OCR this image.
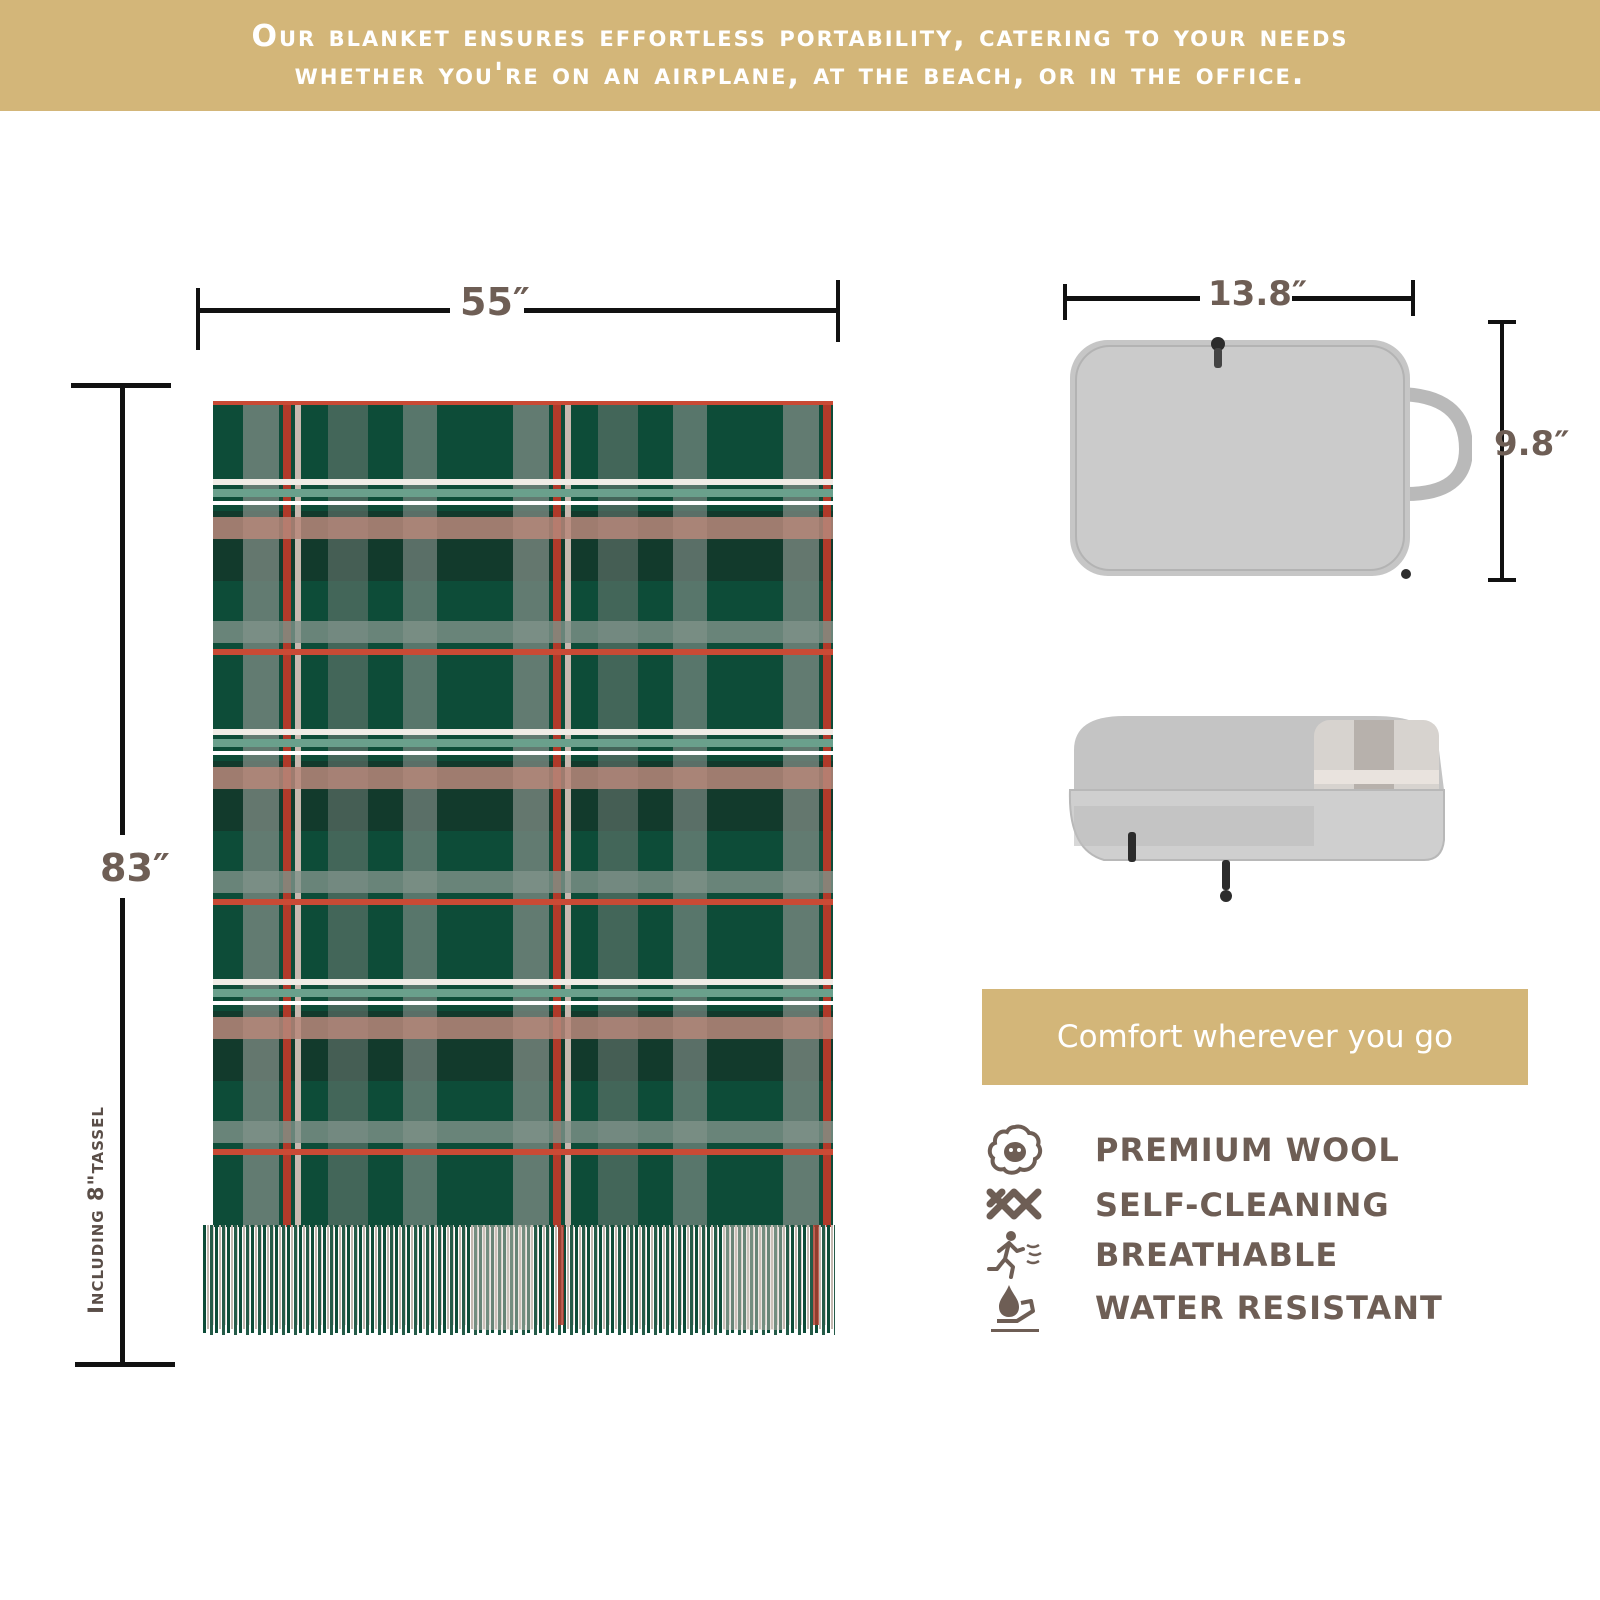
Our blanket ensures effortless portability, catering to your needs
whether you're on an airplane, at the beach, or in the office.
55″
83″
Including 8"tassel
13.8″
9.8″
Comfort wherever you go
PREMIUM WOOL
SELF-CLEANING
BREATHABLE
WATER RESISTANT
